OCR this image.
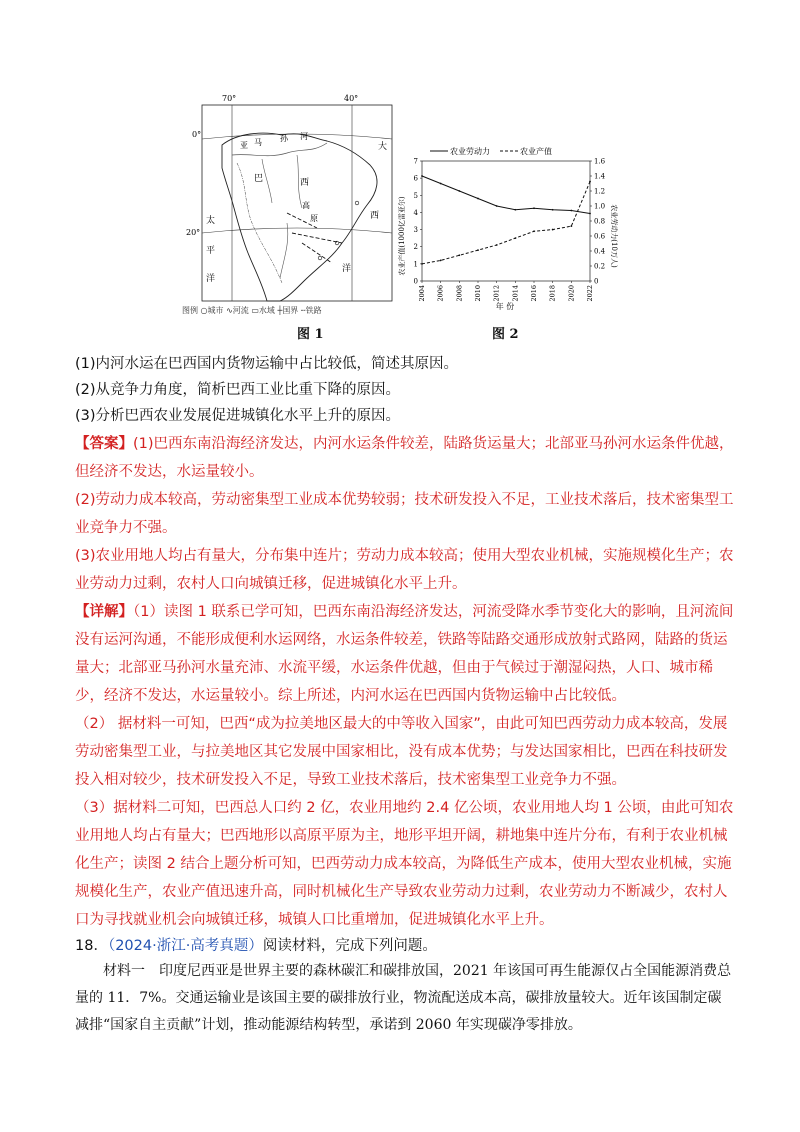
70°	40°
0°
20°
亚 马 孙 河
巴	西
高
原
大
西
洋
太
平
洋
图例 ○城市 ∿河流 ▭水域 ┼国界 ╌铁路
图 1
农业劳动力	农业产值
农业产值(1000亿雷亚尔)	农业劳动力(10万人)
年 份
0
1
2
3
4
5
6
7
0
0.2
0.4
0.6
0.8
1.0
1.2
1.4
1.6
2004 2006 2008 2010 2012 2014 2016 2018 2020 2022
图 2
(1)内河水运在巴西国内货物运输中占比较低，简述其原因。
(2)从竞争力角度，简析巴西工业比重下降的原因。
(3)分析巴西农业发展促进城镇化水平上升的原因。
【答案】(1)巴西东南沿海经济发达，内河水运条件较差，陆路货运量大；北部亚马孙河水运条件优越，但经济不发达，水运量较小。
(2)劳动力成本较高，劳动密集型工业成本优势较弱；技术研发投入不足，工业技术落后，技术密集型工业竞争力不强。
(3)农业用地人均占有量大，分布集中连片；劳动力成本较高；使用大型农业机械，实施规模化生产；农业劳动力过剩，农村人口向城镇迁移，促进城镇化水平上升。
【详解】（1）读图 1 联系已学可知，巴西东南沿海经济发达，河流受降水季节变化大的影响，且河流间没有运河沟通，不能形成便利水运网络，水运条件较差，铁路等陆路交通形成放射式路网，陆路的货运量大；北部亚马孙河水量充沛、水流平缓，水运条件优越，但由于气候过于潮湿闷热，人口、城市稀少，经济不发达，水运量较小。综上所述，内河水运在巴西国内货物运输中占比较低。
（2） 据材料一可知，巴西“成为拉美地区最大的中等收入国家”，由此可知巴西劳动力成本较高，发展劳动密集型工业，与拉美地区其它发展中国家相比，没有成本优势；与发达国家相比，巴西在科技研发投入相对较少，技术研发投入不足，导致工业技术落后，技术密集型工业竞争力不强。
（3）据材料二可知，巴西总人口约 2 亿，农业用地约 2.4 亿公顷，农业用地人均 1 公顷，由此可知农业用地人均占有量大；巴西地形以高原平原为主，地形平坦开阔，耕地集中连片分布，有利于农业机械化生产；读图 2 结合上题分析可知，巴西劳动力成本较高，为降低生产成本，使用大型农业机械，实施规模化生产，农业产值迅速升高，同时机械化生产导致农业劳动力过剩，农业劳动力不断减少，农村人口为寻找就业机会向城镇迁移，城镇人口比重增加，促进城镇化水平上升。
18．（2024·浙江·高考真题）阅读材料，完成下列问题。
材料一　印度尼西亚是世界主要的森林碳汇和碳排放国，2021 年该国可再生能源仅占全国能源消费总量的 11．7%。交通运输业是该国主要的碳排放行业，物流配送成本高，碳排放量较大。近年该国制定碳减排“国家自主贡献”计划，推动能源结构转型，承诺到 2060 年实现碳净零排放。
